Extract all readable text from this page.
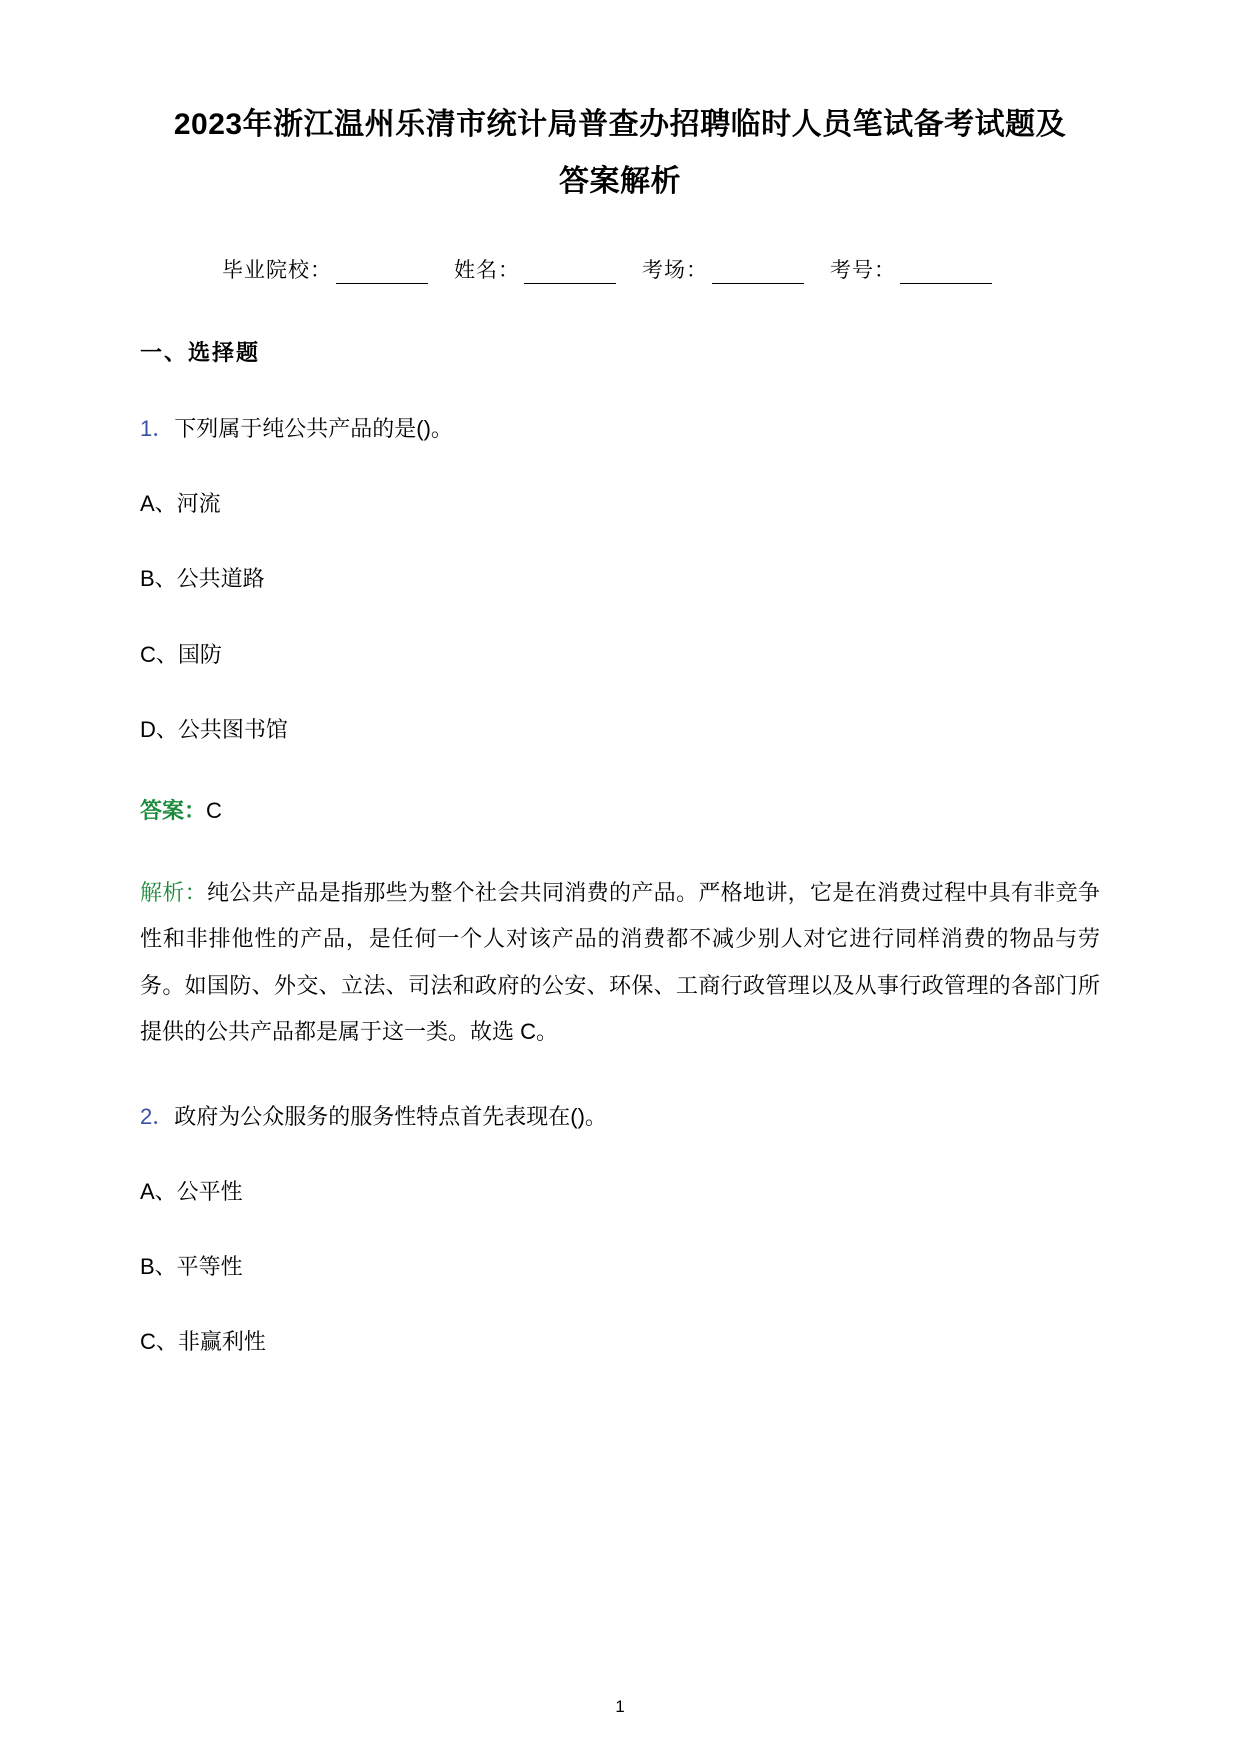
2023年浙江温州乐清市统计局普查办招聘临时人员笔试备考试题及答案解析
毕业院校：	姓名：	考场：	考号：
一、选择题
1．下列属于纯公共产品的是()。
A、河流
B、公共道路
C、国防
D、公共图书馆
答案：C
解析：纯公共产品是指那些为整个社会共同消费的产品。严格地讲，它是在消费过程中具有非竞争性和非排他性的产品，是任何一个人对该产品的消费都不减少别人对它进行同样消费的物品与劳务。如国防、外交、立法、司法和政府的公安、环保、工商行政管理以及从事行政管理的各部门所提供的公共产品都是属于这一类。故选 C。
2．政府为公众服务的服务性特点首先表现在()。
A、公平性
B、平等性
C、非赢利性
1
